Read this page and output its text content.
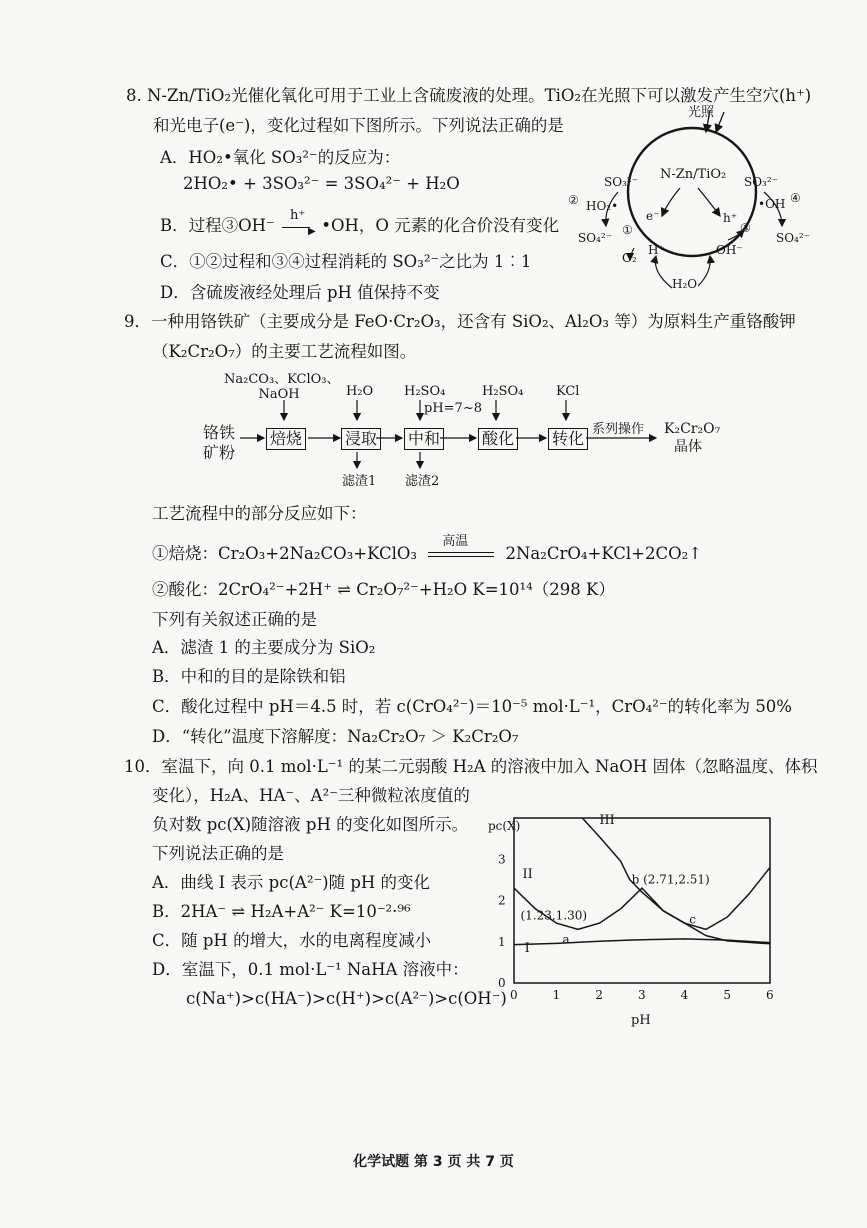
8. N-Zn/TiO₂光催化氧化可用于工业上含硫废液的处理。TiO₂在光照下可以激发产生空穴(h⁺)
和光电子(e⁻)，变化过程如下图所示。下列说法正确的是
A．HO₂•氧化 SO₃²⁻的反应为：
2HO₂• + 3SO₃²⁻ = 3SO₄²⁻ + H₂O
B．过程③OH⁻
h⁺
▶ •OH，O 元素的化合价没有变化
C．①②过程和③④过程消耗的 SO₃²⁻之比为 1︰1
D．含硫废液经处理后 pH 值保持不变
光照
N-Zn/TiO₂
e⁻	h⁺
SO₃²⁻	SO₃²⁻
HO₂•	•OH
SO₄²⁻	SO₄²⁻
O₂
H⁺	OH⁻
H₂O
①
②
③
④
9．一种用铬铁矿（主要成分是 FeO·Cr₂O₃，还含有 SiO₂、Al₂O₃ 等）为原料生产重铬酸钾
（K₂Cr₂O₇）的主要工艺流程如图。
Na₂CO₃、KClO₃、
NaOH	H₂O H₂SO₄
pH=7~8
H₂SO₄	KCl
铬铁
矿粉
焙烧	浸取 中和	酸化 转化 系列操作 K₂Cr₂O₇
晶体
滤渣1 滤渣2
工艺流程中的部分反应如下：
①焙烧：Cr₂O₃+2Na₂CO₃+KClO₃
高温
2Na₂CrO₄+KCl+2CO₂↑
②酸化：2CrO₄²⁻+2H⁺ ⇌ Cr₂O₇²⁻+H₂O K=10¹⁴（298 K）
下列有关叙述正确的是
A．滤渣 1 的主要成分为 SiO₂
B．中和的目的是除铁和铝
C．酸化过程中 pH＝4.5 时，若 c(CrO₄²⁻)＝10⁻⁵ mol·L⁻¹，CrO₄²⁻的转化率为 50%
D．“转化”温度下溶解度：Na₂Cr₂O₇ ＞ K₂Cr₂O₇
10．室温下，向 0.1 mol·L⁻¹ 的某二元弱酸 H₂A 的溶液中加入 NaOH 固体（忽略温度、体积
变化），H₂A、HA⁻、A²⁻三种微粒浓度值的
负对数 pc(X)随溶液 pH 的变化如图所示。
下列说法正确的是
A．曲线 I 表示 pc(A²⁻)随 pH 的变化
B．2HA⁻ ⇌ H₂A+A²⁻ K=10⁻²·⁹⁶
C．随 pH 的增大，水的电离程度减小
D．室温下，0.1 mol·L⁻¹ NaHA 溶液中：
c(Na⁺)>c(HA⁻)>c(H⁺)>c(A²⁻)>c(OH⁻)
pc(X)
pH
0	1	2	3	4	5	6
0
1
2
3
I
II
III
a
(1.23,1.30)
b (2.71,2.51)
c
化学试题 第 3 页 共 7 页
